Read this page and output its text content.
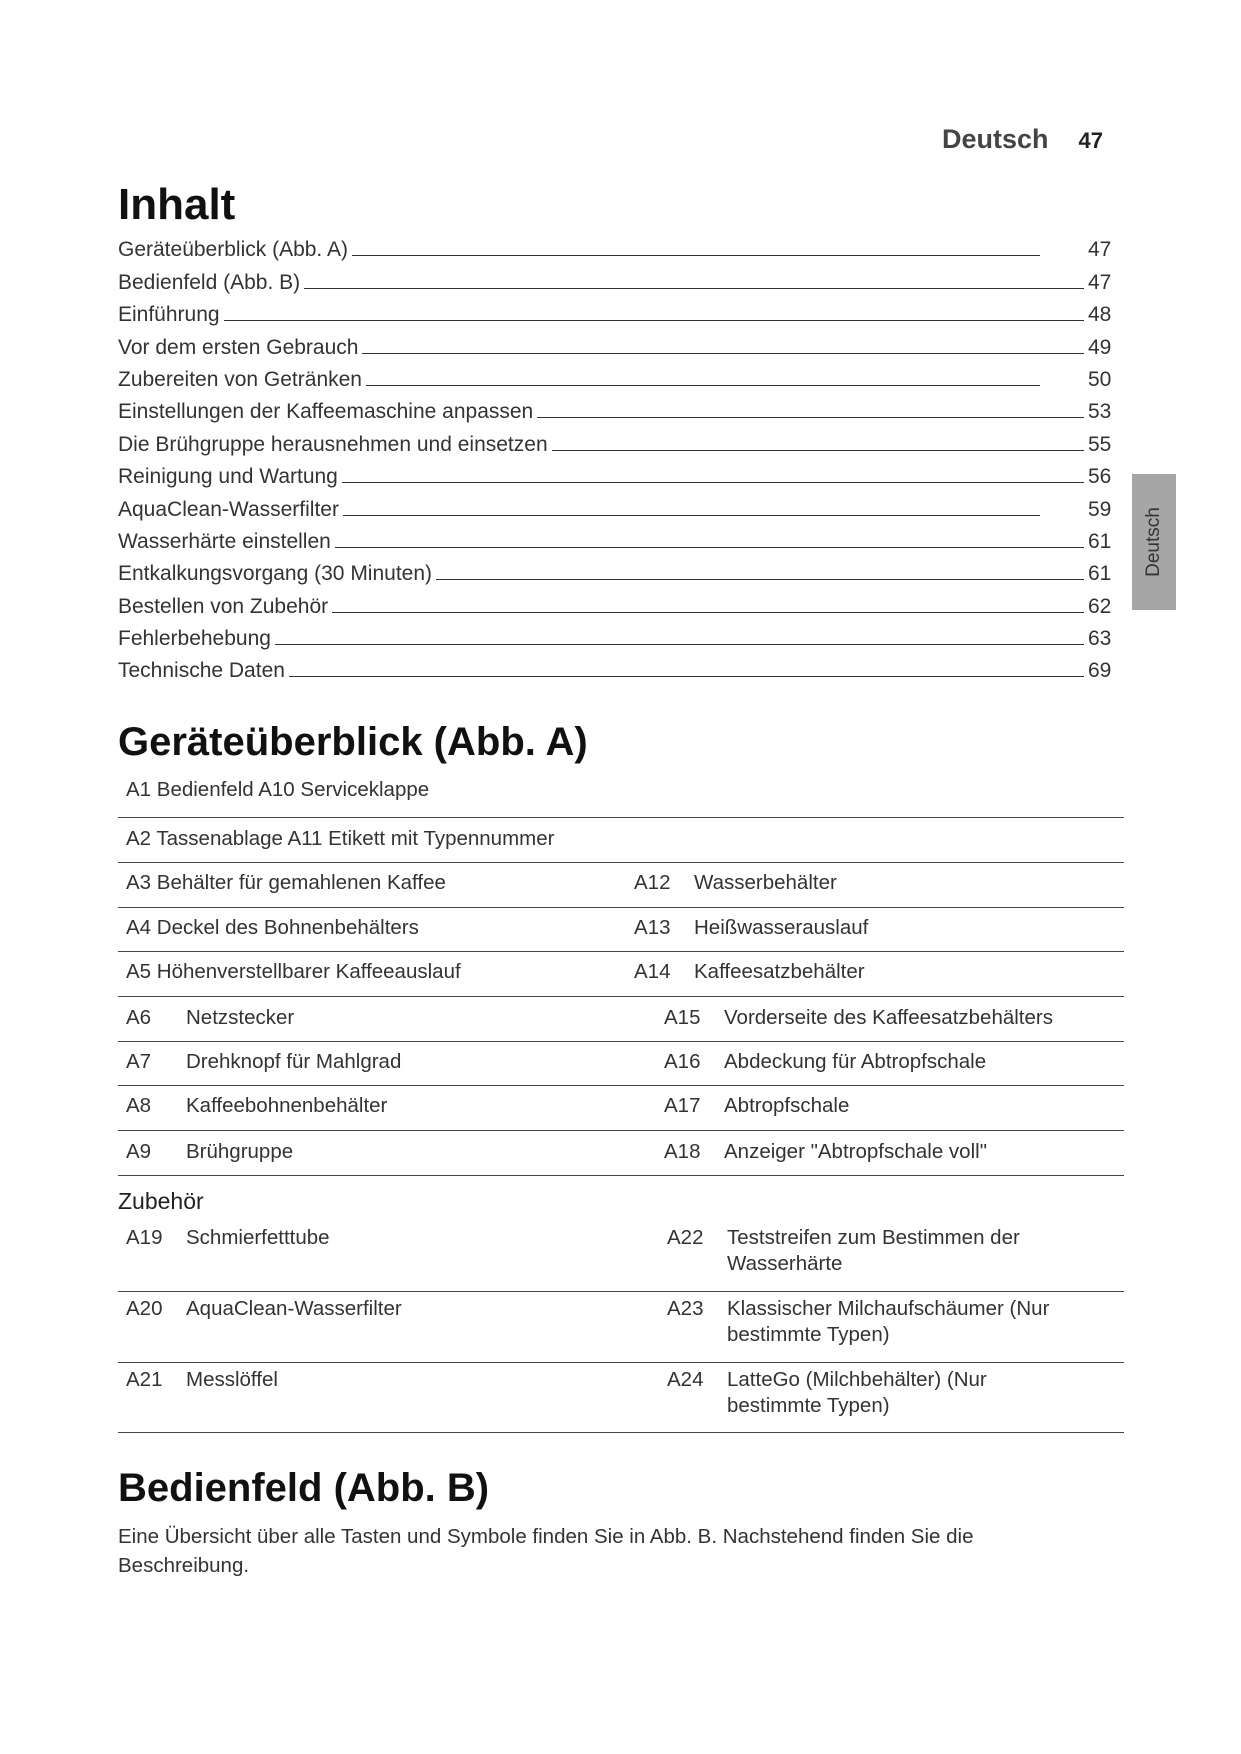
Deutsch 47
Inhalt
Geräteüberblick (Abb. A)	47
Bedienfeld (Abb. B)	47
Einführung	48
Vor dem ersten Gebrauch	49
Zubereiten von Getränken	50
Einstellungen der Kaffeemaschine anpassen	53
Die Brühgruppe herausnehmen und einsetzen	55
Reinigung und Wartung	56
AquaClean-Wasserfilter	59
Wasserhärte einstellen	61
Entkalkungsvorgang (30 Minuten)	61
Bestellen von Zubehör	62
Fehlerbehebung	63
Technische Daten	69
Deutsch
Geräteüberblick (Abb. A)
A1 Bedienfeld A10 Serviceklappe
A2 Tassenablage A11 Etikett mit Typennummer
A3 Behälter für gemahlenen Kaffee	A12 Wasserbehälter
A4 Deckel des Bohnenbehälters	A13 Heißwasserauslauf
A5 Höhenverstellbarer Kaffeeauslauf	A14 Kaffeesatzbehälter
A6 Netzstecker	A15 Vorderseite des Kaffeesatzbehälters
A7 Drehknopf für Mahlgrad	A16 Abdeckung für Abtropfschale
A8 Kaffeebohnenbehälter	A17 Abtropfschale
A9 Brühgruppe	A18 Anzeiger "Abtropfschale voll"
Zubehör
A19 Schmierfetttube	A22 Teststreifen zum Bestimmen der
Wasserhärte
A20 AquaClean-Wasserfilter	A23 Klassischer Milchaufschäumer (Nur
bestimmte Typen)
A21 Messlöffel	A24 LatteGo (Milchbehälter) (Nur
bestimmte Typen)
Bedienfeld (Abb. B)

Eine Übersicht über alle Tasten und Symbole finden Sie in Abb. B. Nachstehend finden Sie die Beschreibung.
